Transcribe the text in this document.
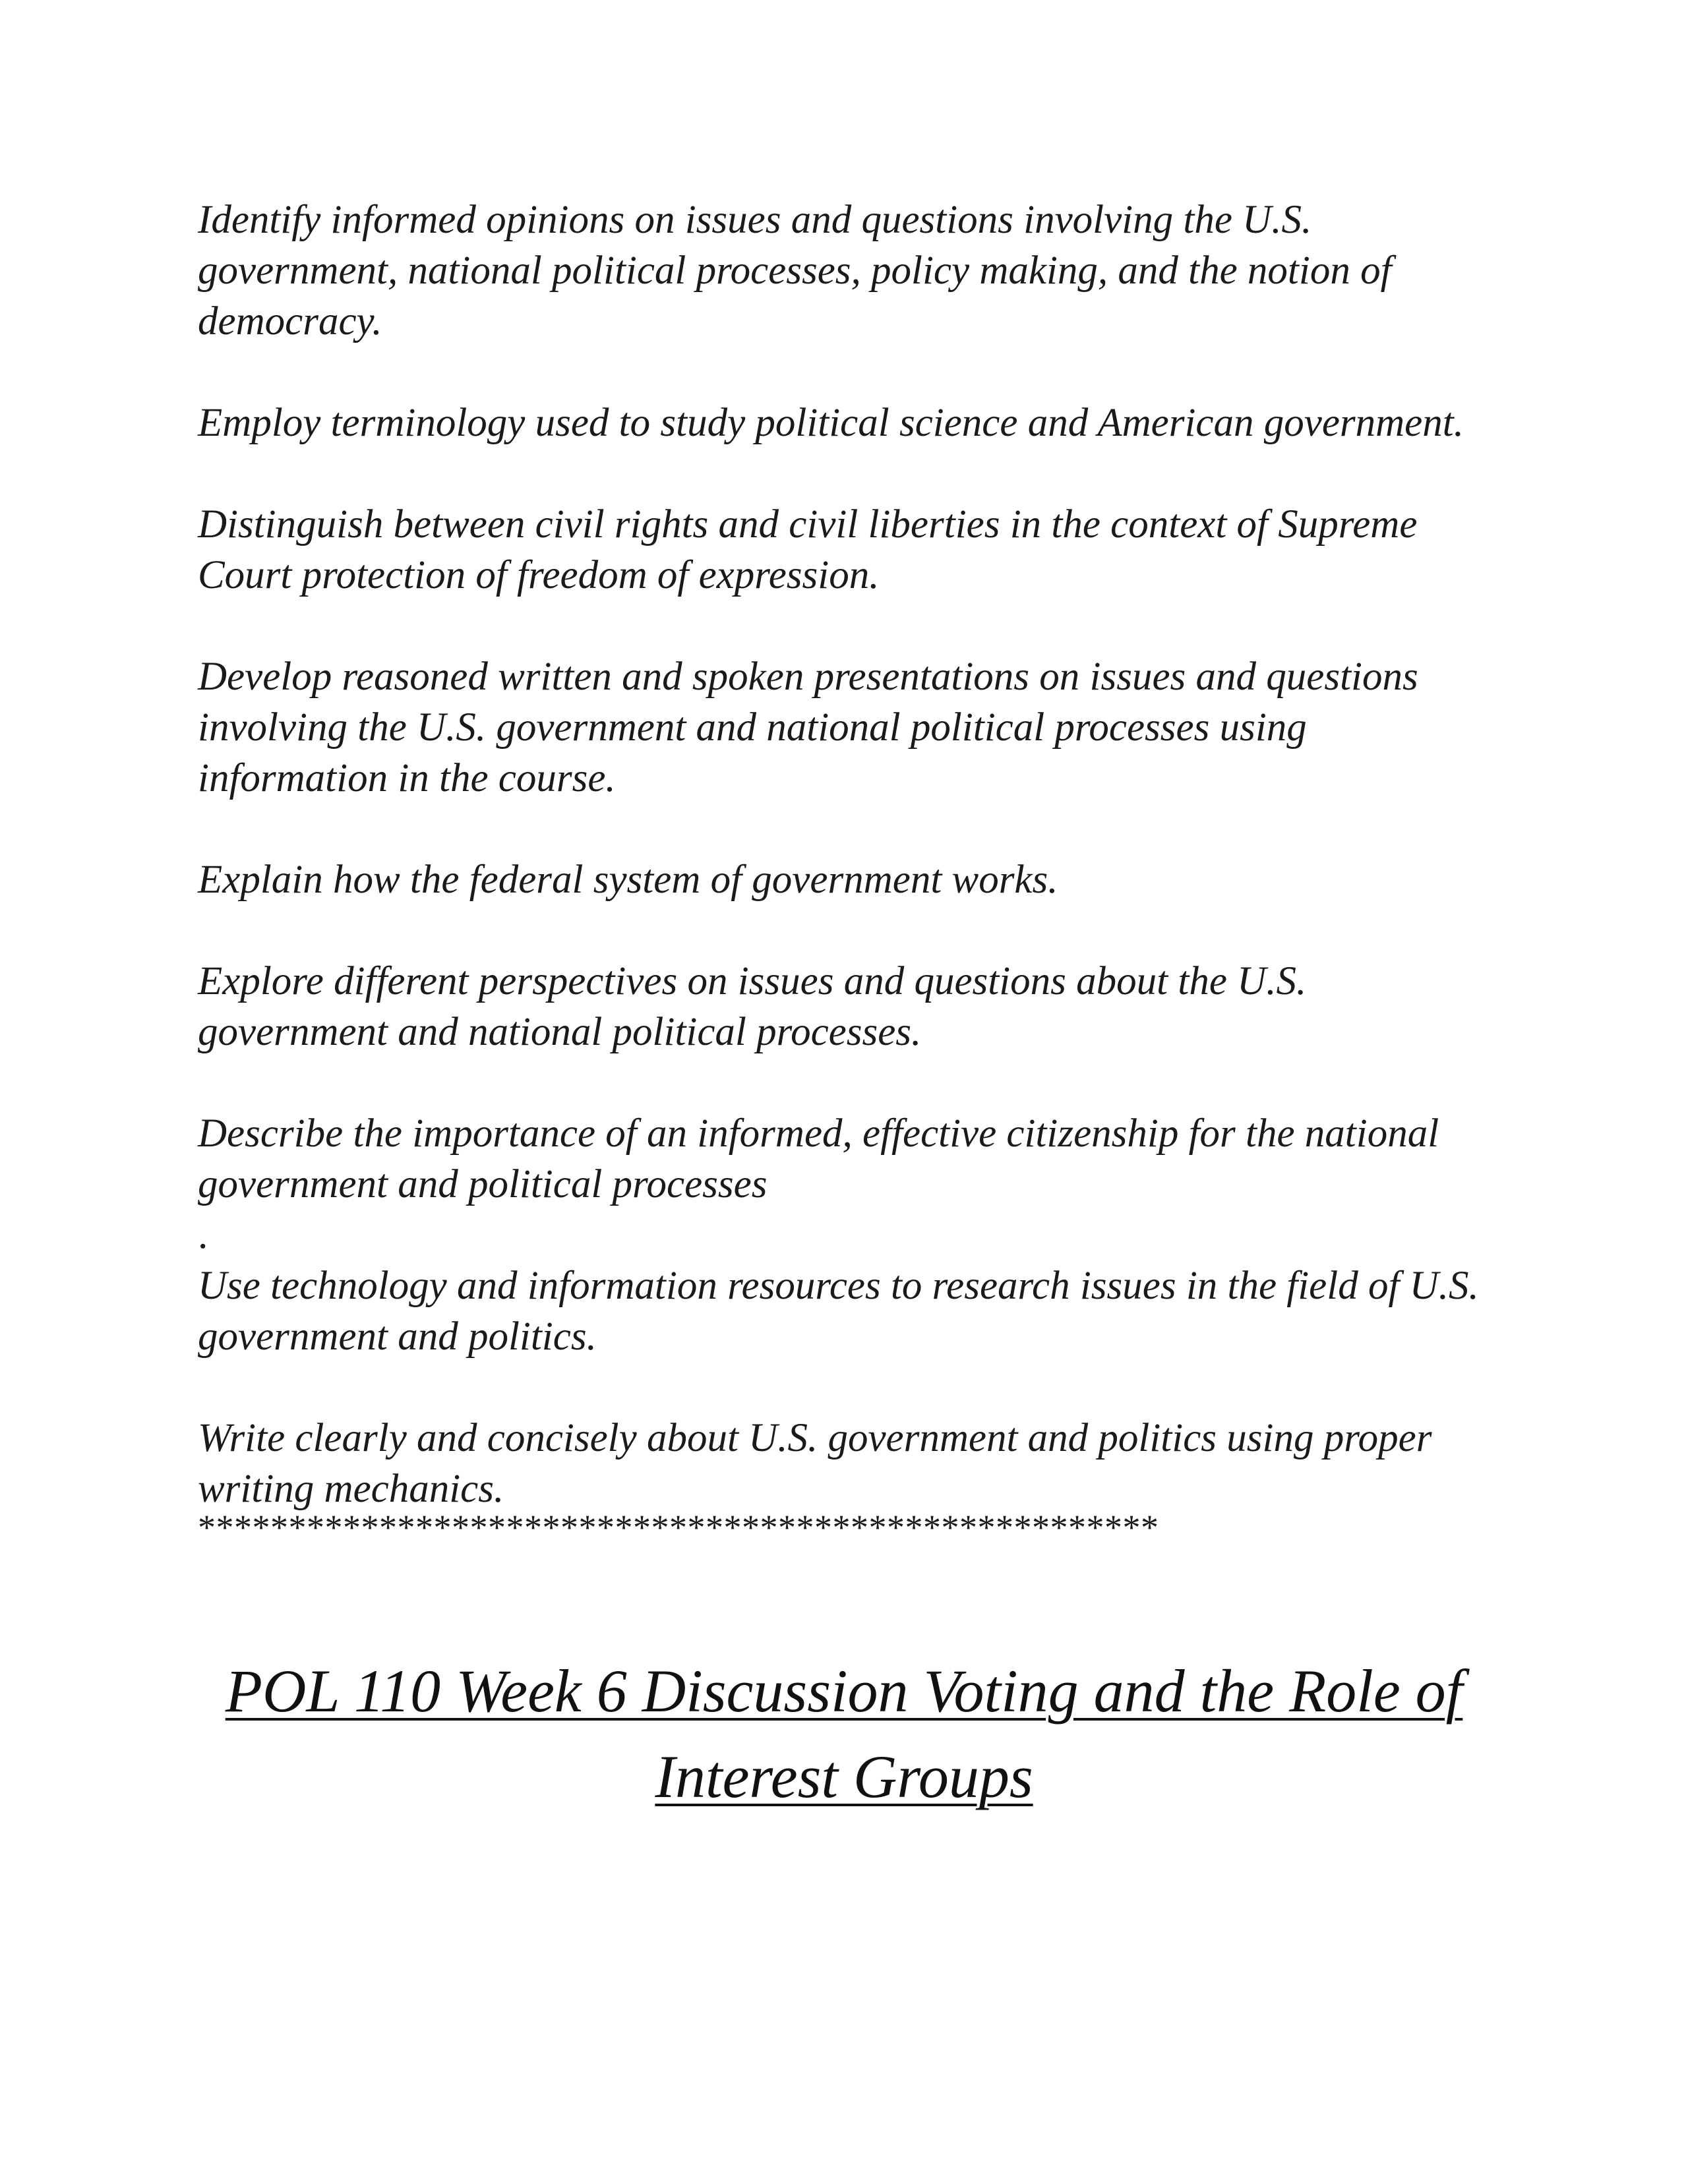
Identify informed opinions on issues and questions involving the U.S. government, national political processes, policy making, and the notion of democracy.

Employ terminology used to study political science and American government.

Distinguish between civil rights and civil liberties in the context of Supreme Court protection of freedom of expression.

Develop reasoned written and spoken presentations on issues and questions involving the U.S. government and national political processes using information in the course.

Explain how the federal system of government works.

Explore different perspectives on issues and questions about the U.S. government and national political processes.

Describe the importance of an informed, effective citizenship for the national government and political processes

.

Use technology and information resources to research issues in the field of U.S. government and politics.

Write clearly and concisely about U.S. government and politics using proper writing mechanics.

*****************************************************

POL 110 Week 6 Discussion Voting and the Role of Interest Groups
